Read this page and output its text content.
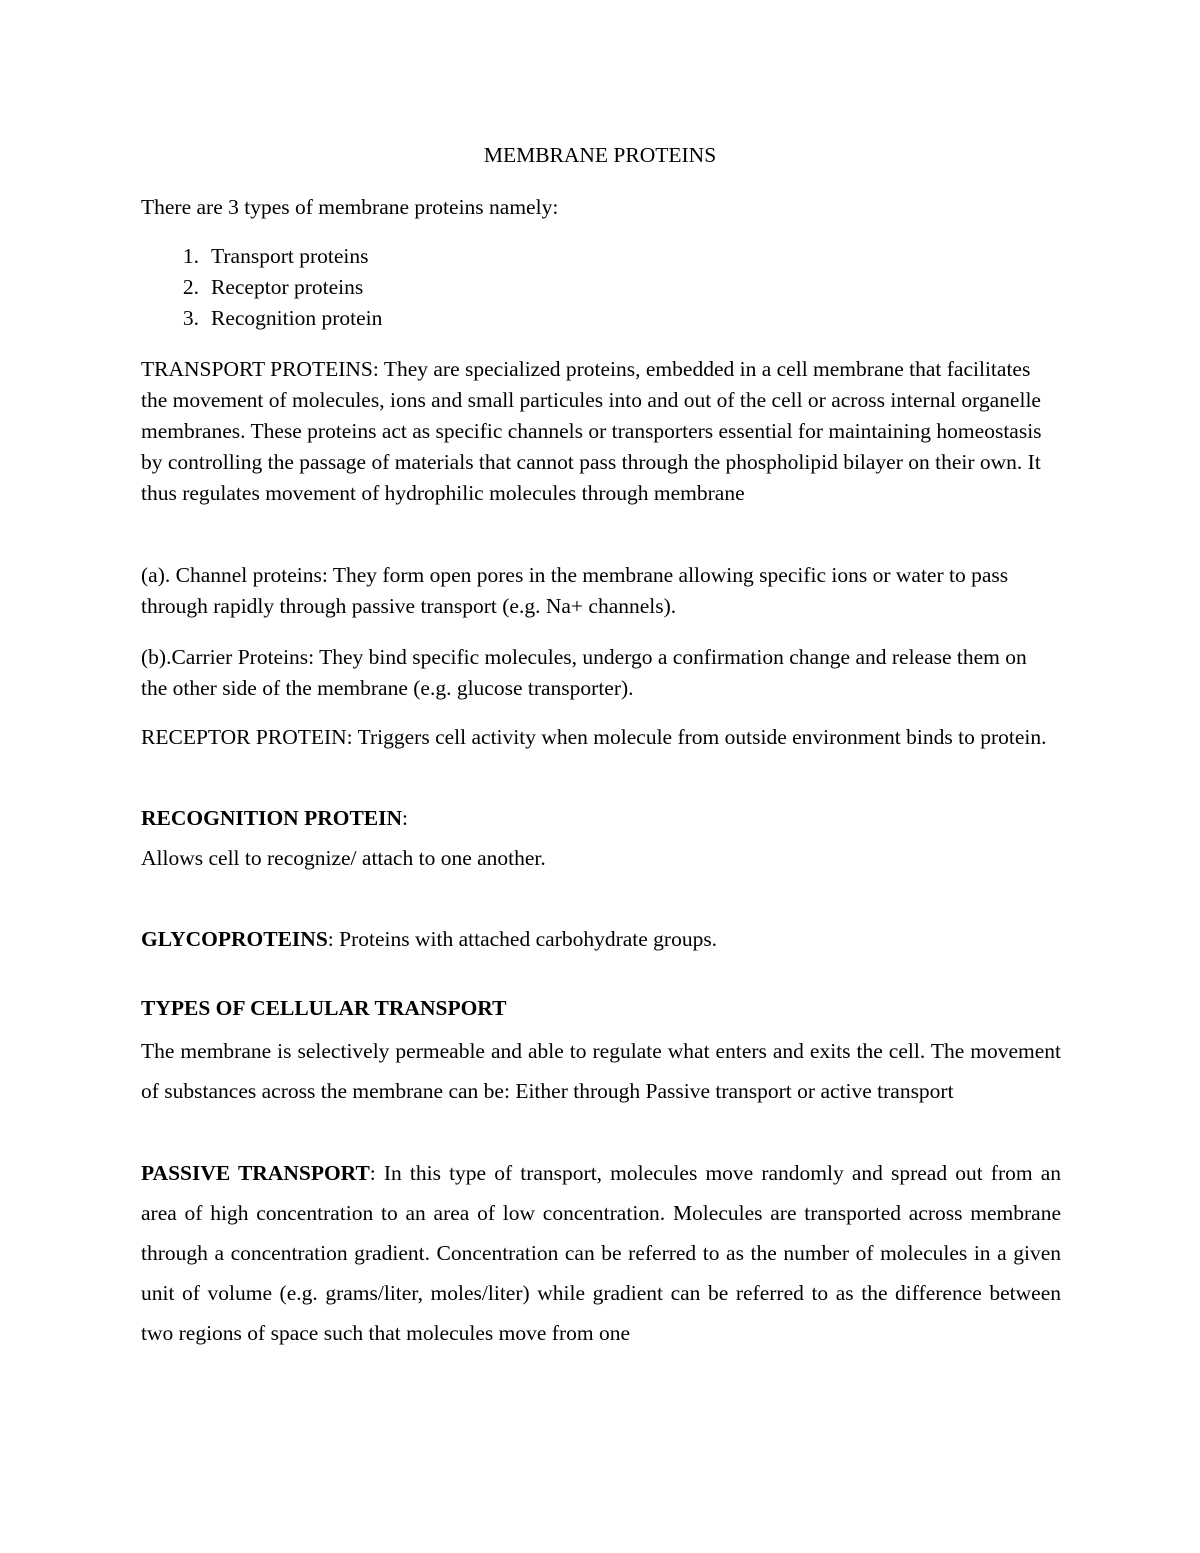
MEMBRANE PROTEINS

There are 3 types of membrane proteins namely:

1. Transport proteins
2. Receptor proteins
3. Recognition protein

TRANSPORT PROTEINS: They are specialized proteins, embedded in a cell membrane that facilitates the movement of molecules, ions and small particules into and out of the cell or across internal organelle membranes. These proteins act as specific channels or transporters essential for maintaining homeostasis by controlling the passage of materials that cannot pass through the phospholipid bilayer on their own. It thus regulates movement of hydrophilic molecules through membrane

(a). Channel proteins: They form open pores in the membrane allowing specific ions or water to pass through rapidly through passive transport (e.g. Na+ channels).

(b).Carrier Proteins: They bind specific molecules, undergo a confirmation change and release them on the other side of the membrane (e.g. glucose transporter).

RECEPTOR PROTEIN: Triggers cell activity when molecule from outside environment binds to protein.

RECOGNITION PROTEIN:

Allows cell to recognize/ attach to one another.

GLYCOPROTEINS: Proteins with attached carbohydrate groups.

TYPES OF CELLULAR TRANSPORT

The membrane is selectively permeable and able to regulate what enters and exits the cell. The movement of substances across the membrane can be: Either through Passive transport or active transport

PASSIVE TRANSPORT: In this type of transport, molecules move randomly and spread out from an area of high concentration to an area of low concentration. Molecules are transported across membrane through a concentration gradient. Concentration can be referred to as the number of molecules in a given unit of volume (e.g. grams/liter, moles/liter) while gradient can be referred to as the difference between two regions of space such that molecules move from one
